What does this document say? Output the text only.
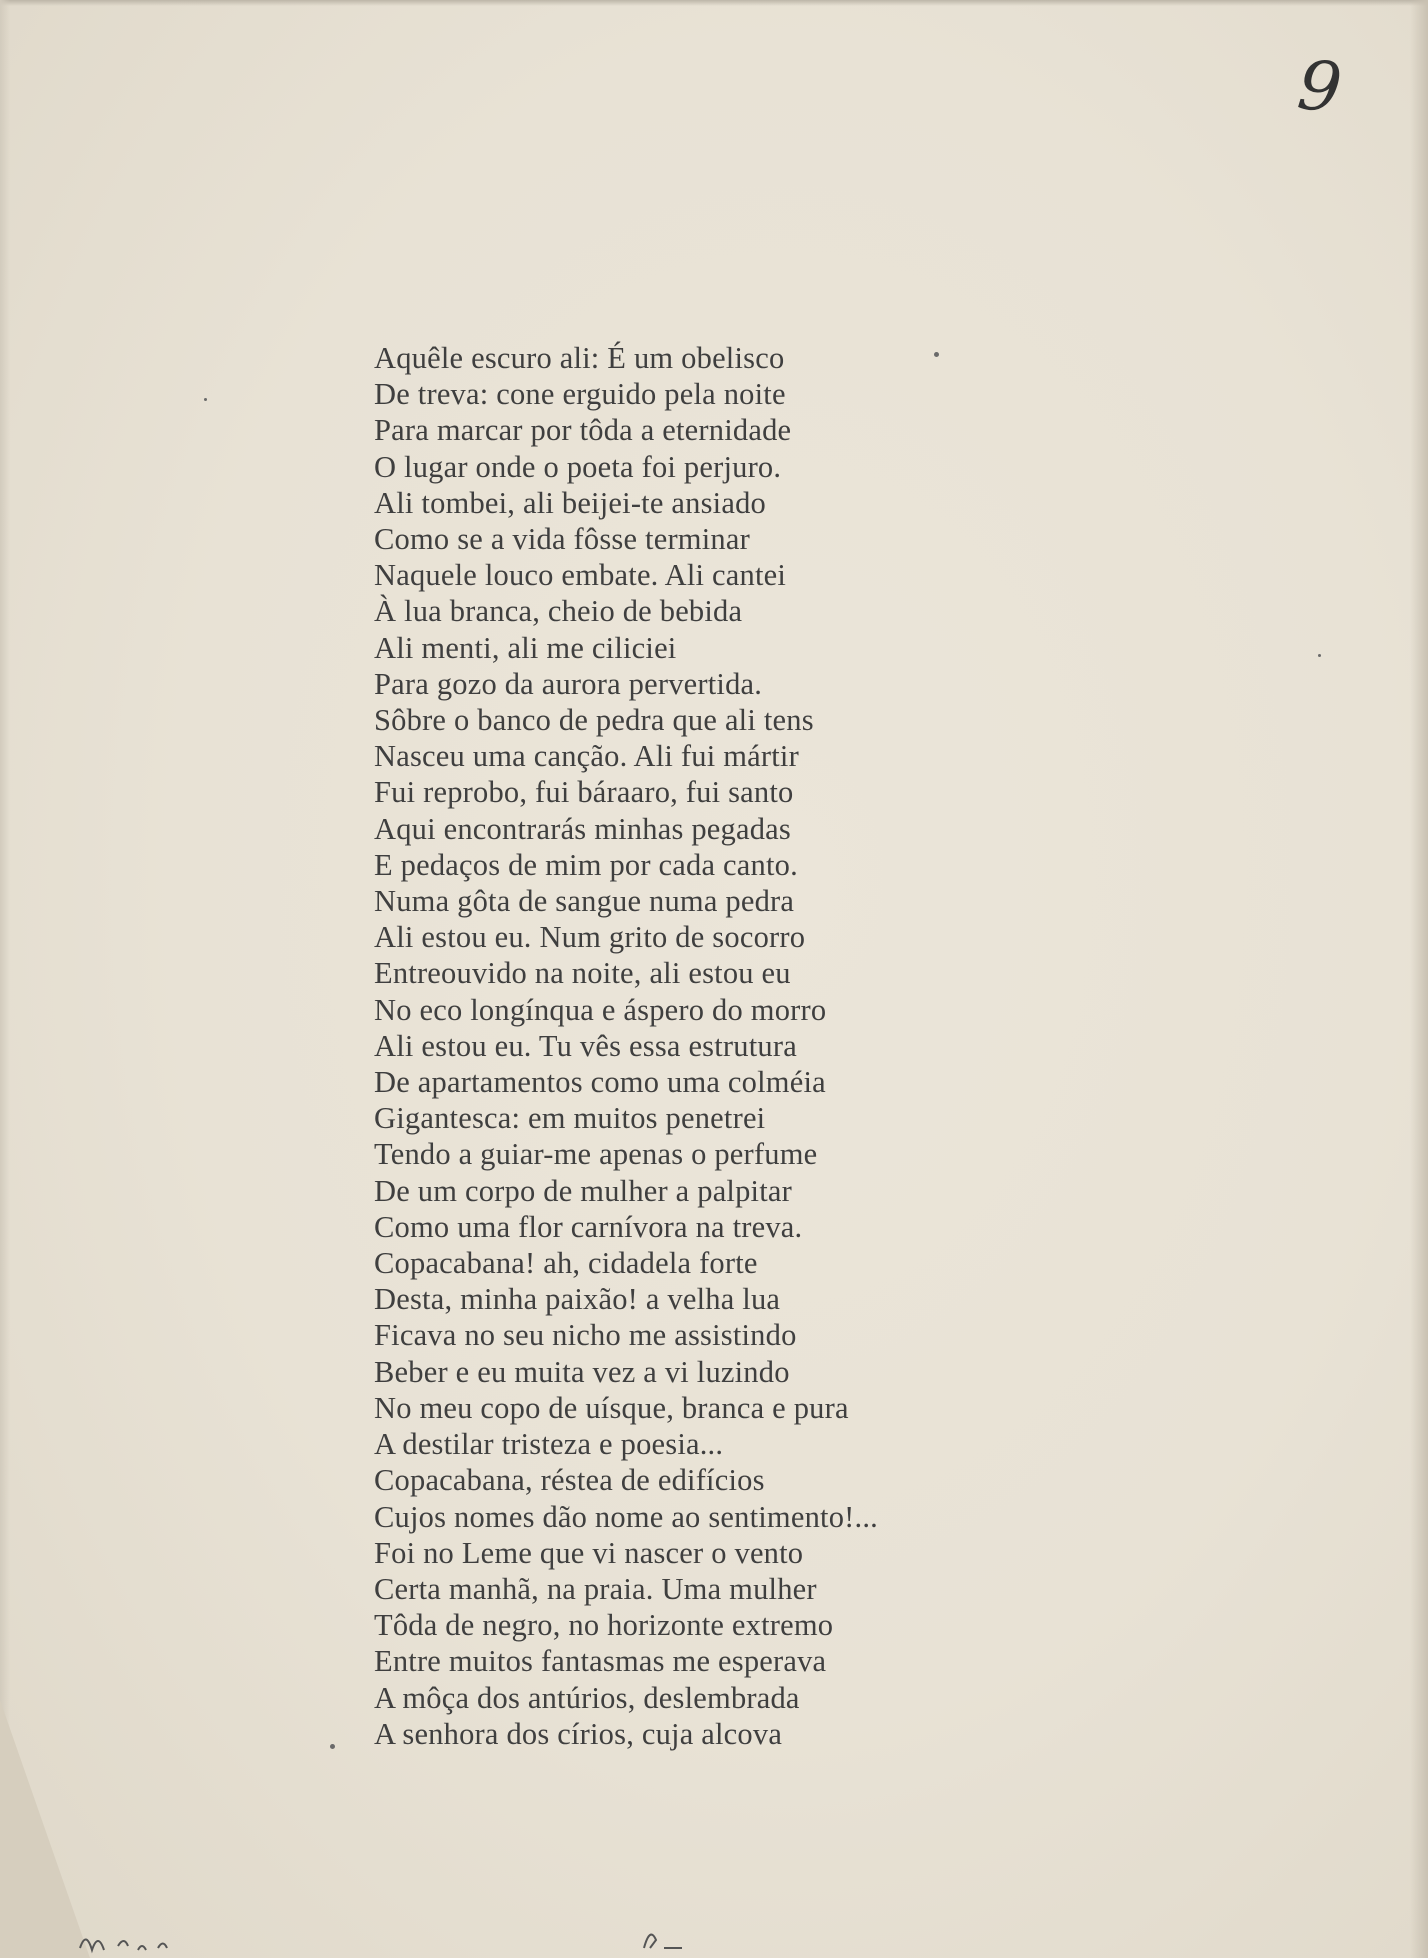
9
Aquêle escuro ali: É um obelisco
De treva: cone erguido pela noite
Para marcar por tôda a eternidade
O lugar onde o poeta foi perjuro.
Ali tombei, ali beijei-te ansiado
Como se a vida fôsse terminar
Naquele louco embate. Ali cantei
À lua branca, cheio de bebida
Ali menti, ali me ciliciei
Para gozo da aurora pervertida.
Sôbre o banco de pedra que ali tens
Nasceu uma canção. Ali fui mártir
Fui reprobo, fui báraaro, fui santo
Aqui encontrarás minhas pegadas
E pedaços de mim por cada canto.
Numa gôta de sangue numa pedra
Ali estou eu. Num grito de socorro
Entreouvido na noite, ali estou eu
No eco longínqua e áspero do morro
Ali estou eu. Tu vês essa estrutura
De apartamentos como uma colméia
Gigantesca: em muitos penetrei
Tendo a guiar-me apenas o perfume
De um corpo de mulher a palpitar
Como uma flor carnívora na treva.
Copacabana! ah, cidadela forte
Desta, minha paixão! a velha lua
Ficava no seu nicho me assistindo
Beber e eu muita vez a vi luzindo
No meu copo de uísque, branca e pura
A destilar tristeza e poesia...
Copacabana, réstea de edifícios
Cujos nomes dão nome ao sentimento!...
Foi no Leme que vi nascer o vento
Certa manhã, na praia. Uma mulher
Tôda de negro, no horizonte extremo
Entre muitos fantasmas me esperava
A môça dos antúrios, deslembrada
A senhora dos círios, cuja alcova
